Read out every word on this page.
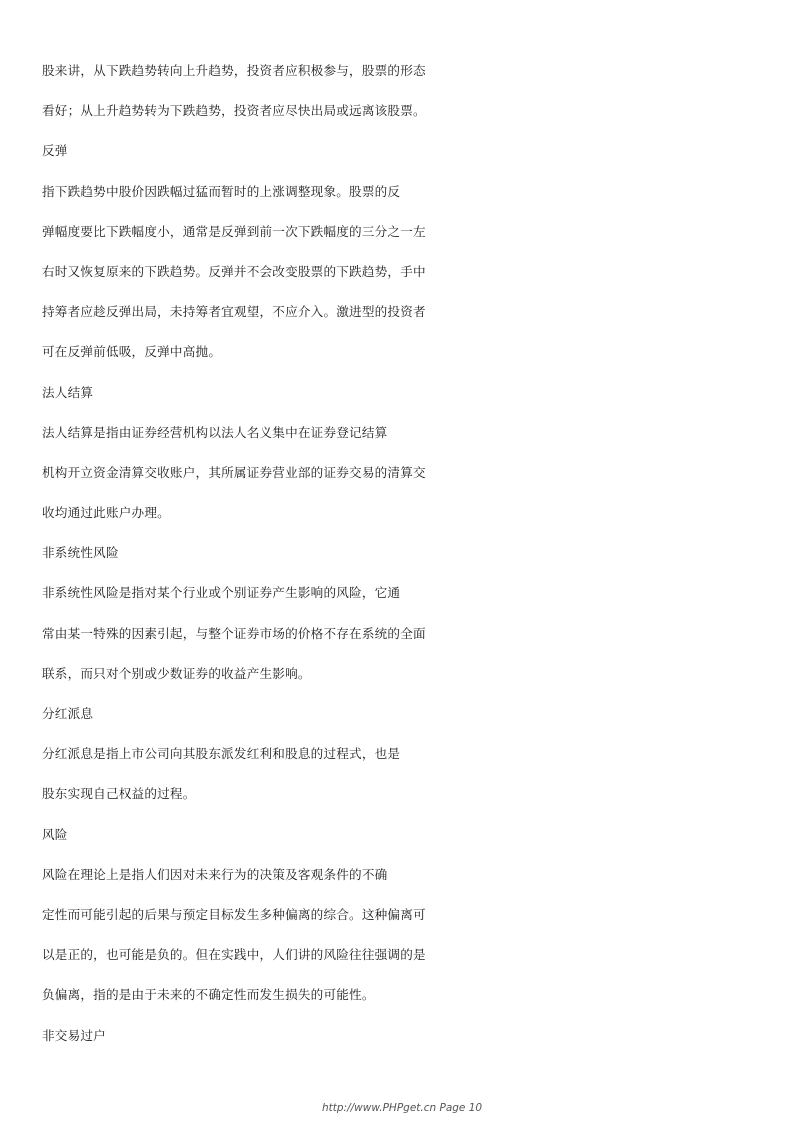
股来讲，从下跌趋势转向上升趋势，投资者应积极参与，股票的形态
看好；从上升趋势转为下跌趋势，投资者应尽快出局或远离该股票。
反弹
指下跌趋势中股价因跌幅过猛而暂时的上涨调整现象。股票的反
弹幅度要比下跌幅度小，通常是反弹到前一次下跌幅度的三分之一左
右时又恢复原来的下跌趋势。反弹并不会改变股票的下跌趋势，手中
持筹者应趁反弹出局，未持筹者宜观望，不应介入。激进型的投资者
可在反弹前低吸，反弹中高抛。
法人结算
法人结算是指由证券经营机构以法人名义集中在证券登记结算
机构开立资金清算交收账户，其所属证券营业部的证券交易的清算交
收均通过此账户办理。
非系统性风险
非系统性风险是指对某个行业或个别证券产生影响的风险，它通
常由某一特殊的因素引起，与整个证券市场的价格不存在系统的全面
联系，而只对个别或少数证券的收益产生影响。
分红派息
分红派息是指上市公司向其股东派发红利和股息的过程式，也是
股东实现自己权益的过程。
风险
风险在理论上是指人们因对未来行为的决策及客观条件的不确
定性而可能引起的后果与预定目标发生多种偏离的综合。这种偏离可
以是正的，也可能是负的。但在实践中，人们讲的风险往往强调的是
负偏离，指的是由于未来的不确定性而发生损失的可能性。
非交易过户
http://www.PHPget.cn Page 10
